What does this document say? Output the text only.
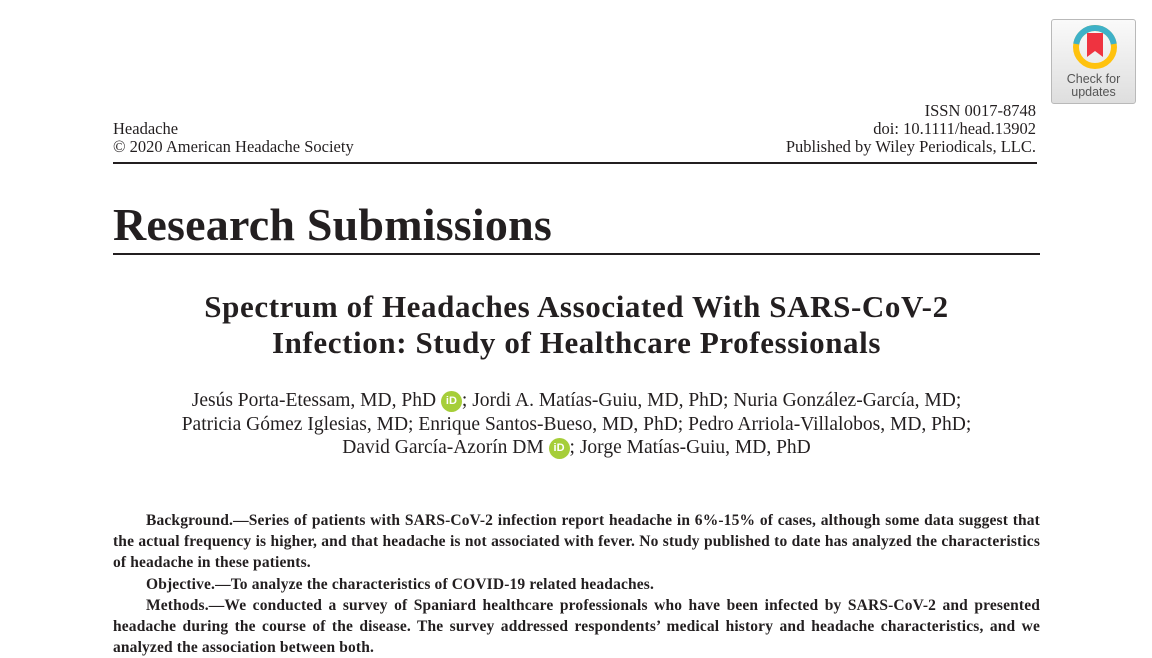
Check for
updates
Headache
© 2020 American Headache Society
ISSN 0017-8748
doi: 10.1111/head.13902
Published by Wiley Periodicals, LLC.
Research Submissions
Spectrum of Headaches Associated With SARS-CoV-2
Infection: Study of Healthcare Professionals
Jesús Porta-Etessam, MD, PhD iD ; Jordi A. Matías-Guiu, MD, PhD; Nuria González-García, MD;
Patricia Gómez Iglesias, MD; Enrique Santos-Bueso, MD, PhD; Pedro Arriola-Villalobos, MD, PhD;
David García-Azorín DM iD ; Jorge Matías-Guiu, MD, PhD

Background.—Series of patients with SARS-CoV-2 infection report headache in 6%-15% of cases, although some data suggest that the actual frequency is higher, and that headache is not associated with fever. No study published to date has analyzed the characteristics of headache in these patients.

Objective.—To analyze the characteristics of COVID-19 related headaches.

Methods.—We conducted a survey of Spaniard healthcare professionals who have been infected by SARS-CoV-2 and presented headache during the course of the disease. The survey addressed respondents’ medical history and headache characteristics, and we analyzed the association between both.
